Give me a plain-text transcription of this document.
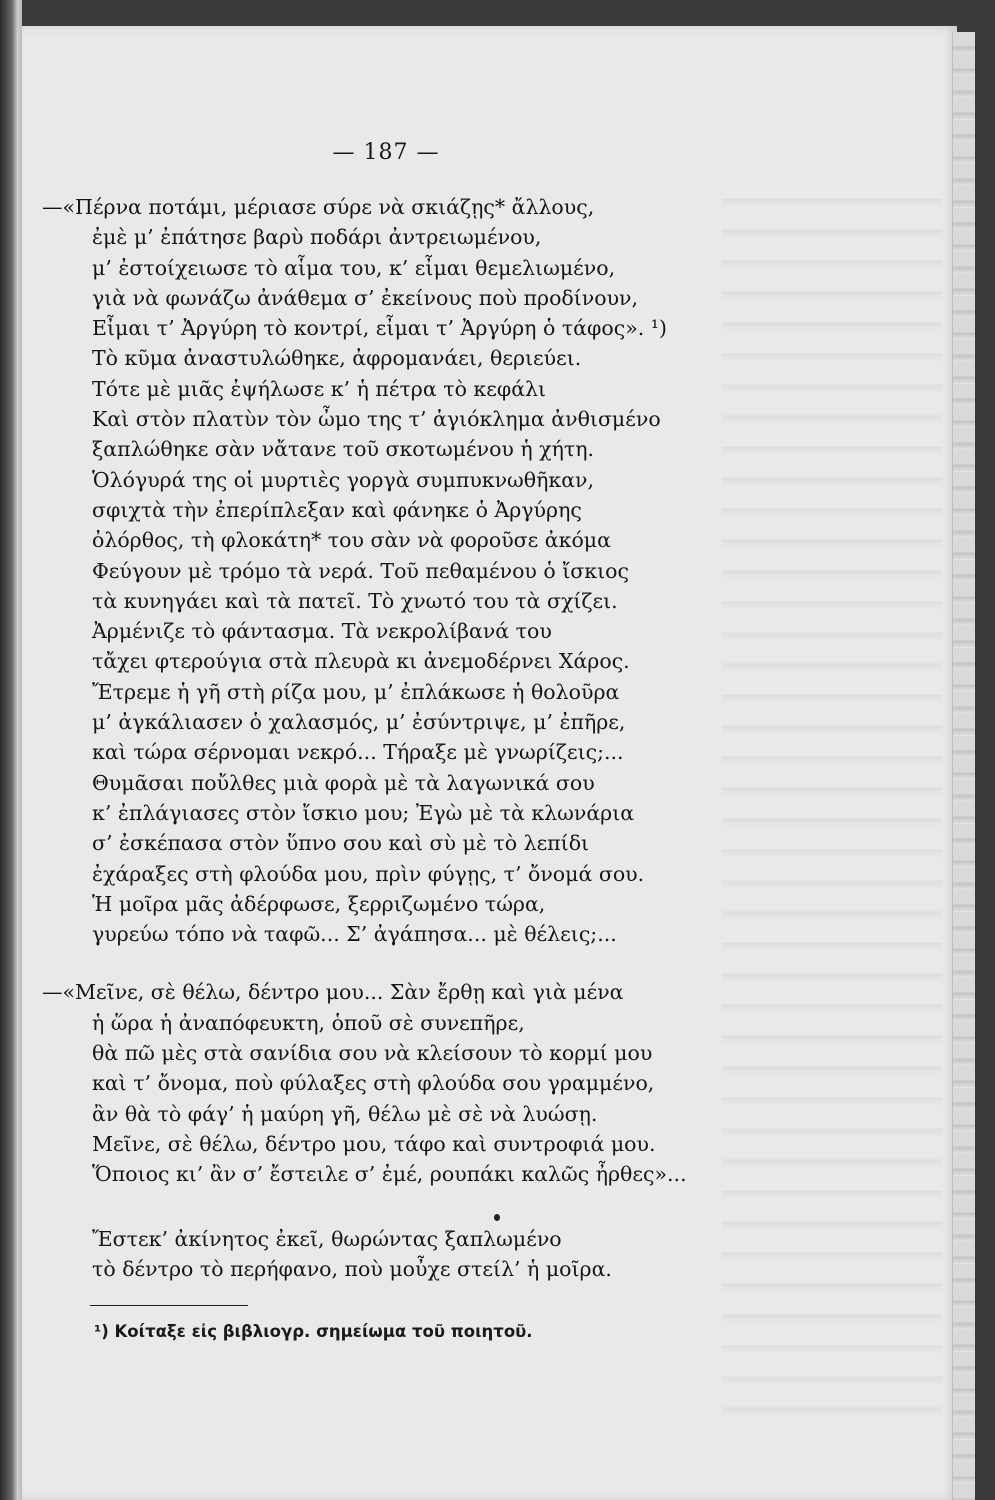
— 187 —
—«Πέρνα ποτάμι, μέριασε σύρε νὰ σκιάζῃς* ἄλλους,
ἐμὲ μ’ ἐπάτησε βαρὺ ποδάρι ἀντρειωμένου,
μ’ ἐστοίχειωσε τὸ αἷμα του, κ’ εἶμαι θεμελιωμένο,
γιὰ νὰ φωνάζω ἀνάθεμα σ’ ἐκείνους ποὺ προδίνουν,
Εἶμαι τ’ Ἀργύρη τὸ κοντρί, εἶμαι τ’ Ἀργύρη ὁ τάφος». ¹)
Τὸ κῦμα ἀναστυλώθηκε, ἀφρομανάει, θεριεύει.
Τότε μὲ μιᾶς ἐψήλωσε κ’ ἡ πέτρα τὸ κεφάλι
Καὶ στὸν πλατὺν τὸν ὦμο της τ’ ἁγιόκλημα ἀνθισμένο
ξαπλώθηκε σὰν νἄτανε τοῦ σκοτωμένου ἡ χήτη.
Ὁλόγυρά της οἱ μυρτιὲς γοργὰ συμπυκνωθῆκαν,
σφιχτὰ τὴν ἐπερίπλεξαν καὶ φάνηκε ὁ Ἀργύρης
ὀλόρθος, τὴ φλοκάτη* του σὰν νὰ φοροῦσε ἀκόμα
Φεύγουν μὲ τρόμο τὰ νερά. Τοῦ πεθαμένου ὁ ἴσκιος
τὰ κυνηγάει καὶ τὰ πατεῖ. Τὸ χνωτό του τὰ σχίζει.
Ἀρμένιζε τὸ φάντασμα. Τὰ νεκρολίβανά του
τἄχει φτερούγια στὰ πλευρὰ κι ἀνεμοδέρνει Χάρος.
Ἔτρεμε ἡ γῆ στὴ ρίζα μου, μ’ ἐπλάκωσε ἡ θολοῦρα
μ’ ἀγκάλιασεν ὁ χαλασμός, μ’ ἐσύντριψε, μ’ ἐπῆρε,
καὶ τώρα σέρνομαι νεκρό... Τήραξε μὲ γνωρίζεις;...
Θυμᾶσαι ποὔλθες μιὰ φορὰ μὲ τὰ λαγωνικά σου
κ’ ἐπλάγιασες στὸν ἴσκιο μου; Ἐγὼ μὲ τὰ κλωνάρια
σ’ ἐσκέπασα στὸν ὕπνο σου καὶ σὺ μὲ τὸ λεπίδι
ἐχάραξες στὴ φλούδα μου, πρὶν φύγῃς, τ’ ὄνομά σου.
Ἡ μοῖρα μᾶς ἀδέρφωσε, ξερριζωμένο τώρα,
γυρεύω τόπο νὰ ταφῶ... Σ’ ἀγάπησα... μὲ θέλεις;...
—«Μεῖνε, σὲ θέλω, δέντρο μου... Σὰν ἔρθῃ καὶ γιὰ μένα
ἡ ὥρα ἡ ἀναπόφευκτη, ὁποῦ σὲ συνεπῆρε,
θὰ πῶ μὲς στὰ σανίδια σου νὰ κλείσουν τὸ κορμί μου
καὶ τ’ ὄνομα, ποὺ φύλαξες στὴ φλούδα σου γραμμένο,
ἂν θὰ τὸ φάγ’ ἡ μαύρη γῆ, θέλω μὲ σὲ νὰ λυώσῃ.
Μεῖνε, σὲ θέλω, δέντρο μου, τάφο καὶ συντροφιά μου.
Ὅποιος κι’ ἂν σ’ ἔστειλε σ’ ἐμέ, ρουπάκι καλῶς ἦρθες»...
Ἔστεκ’ ἀκίνητος ἐκεῖ, θωρώντας ξαπλωμένο
τὸ δέντρο τὸ περήφανο, ποὺ μοὖχε στείλ’ ἡ μοῖρα.
¹) Κοίταξε εἰς βιβλιογρ. σημείωμα τοῦ ποιητοῦ.
